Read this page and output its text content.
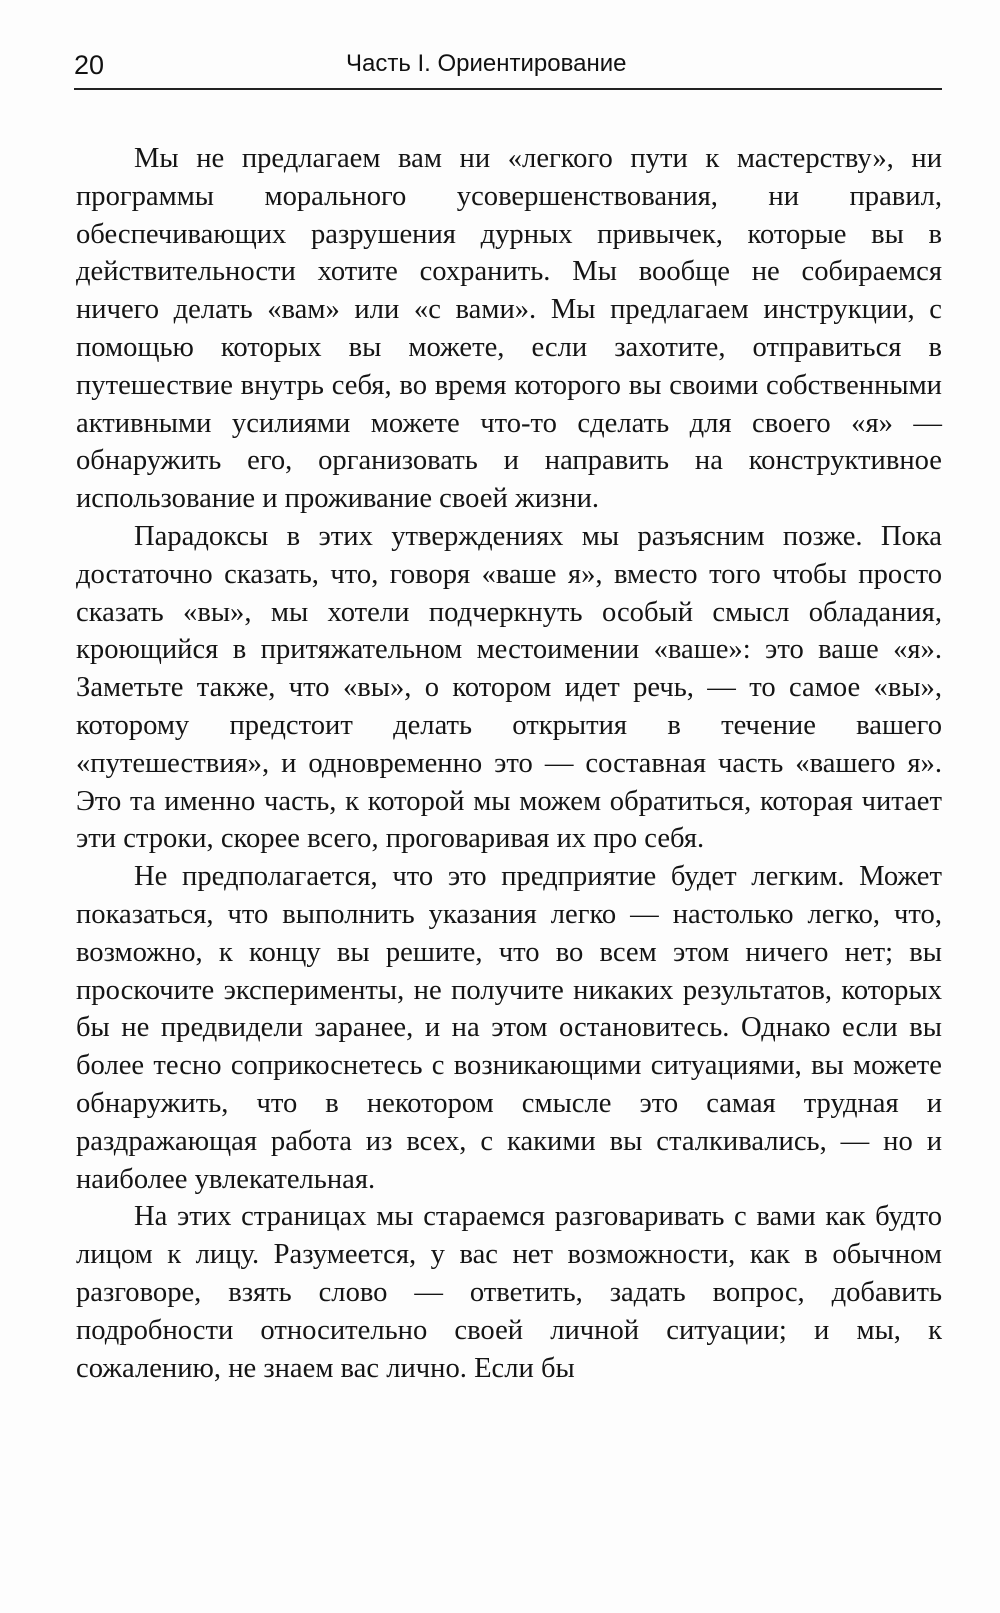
20	Часть I. Ориентирование

Мы не предлагаем вам ни «легкого пути к мастерству», ни программы морального усовершенствования, ни правил, обеспечивающих разрушения дурных привычек, которые вы в действительности хотите сохранить. Мы вообще не собираемся ничего делать «вам» или «с вами». Мы предлагаем инструкции, с помощью которых вы можете, если захотите, отправиться в путешествие внутрь себя, во время которого вы своими собственными активными усилиями можете что-то сделать для своего «я» — обнаружить его, организовать и направить на конструктивное использование и проживание своей жизни.

Парадоксы в этих утверждениях мы разъясним позже. Пока достаточно сказать, что, говоря «ваше я», вместо того чтобы просто сказать «вы», мы хотели подчеркнуть особый смысл обладания, кроющийся в притяжательном местоимении «ваше»: это ваше «я». Заметьте также, что «вы», о котором идет речь, — то самое «вы», которому предстоит делать открытия в течение вашего «путешествия», и одновременно это — составная часть «вашего я». Это та именно часть, к которой мы можем обратиться, которая читает эти строки, скорее всего, проговаривая их про себя.

Не предполагается, что это предприятие будет легким. Может показаться, что выполнить указания легко — настолько легко, что, возможно, к концу вы решите, что во всем этом ничего нет; вы проскочите эксперименты, не получите никаких результатов, которых бы не предвидели заранее, и на этом остановитесь. Однако если вы более тесно соприкоснетесь с возникающими ситуациями, вы можете обнаружить, что в некотором смысле это самая трудная и раздражающая работа из всех, с какими вы сталкивались, — но и наиболее увлекательная.

На этих страницах мы стараемся разговаривать с вами как будто лицом к лицу. Разумеется, у вас нет возможности, как в обычном разговоре, взять слово — ответить, задать вопрос, добавить подробности относительно своей личной ситуации; и мы, к сожалению, не знаем вас лично. Если бы
